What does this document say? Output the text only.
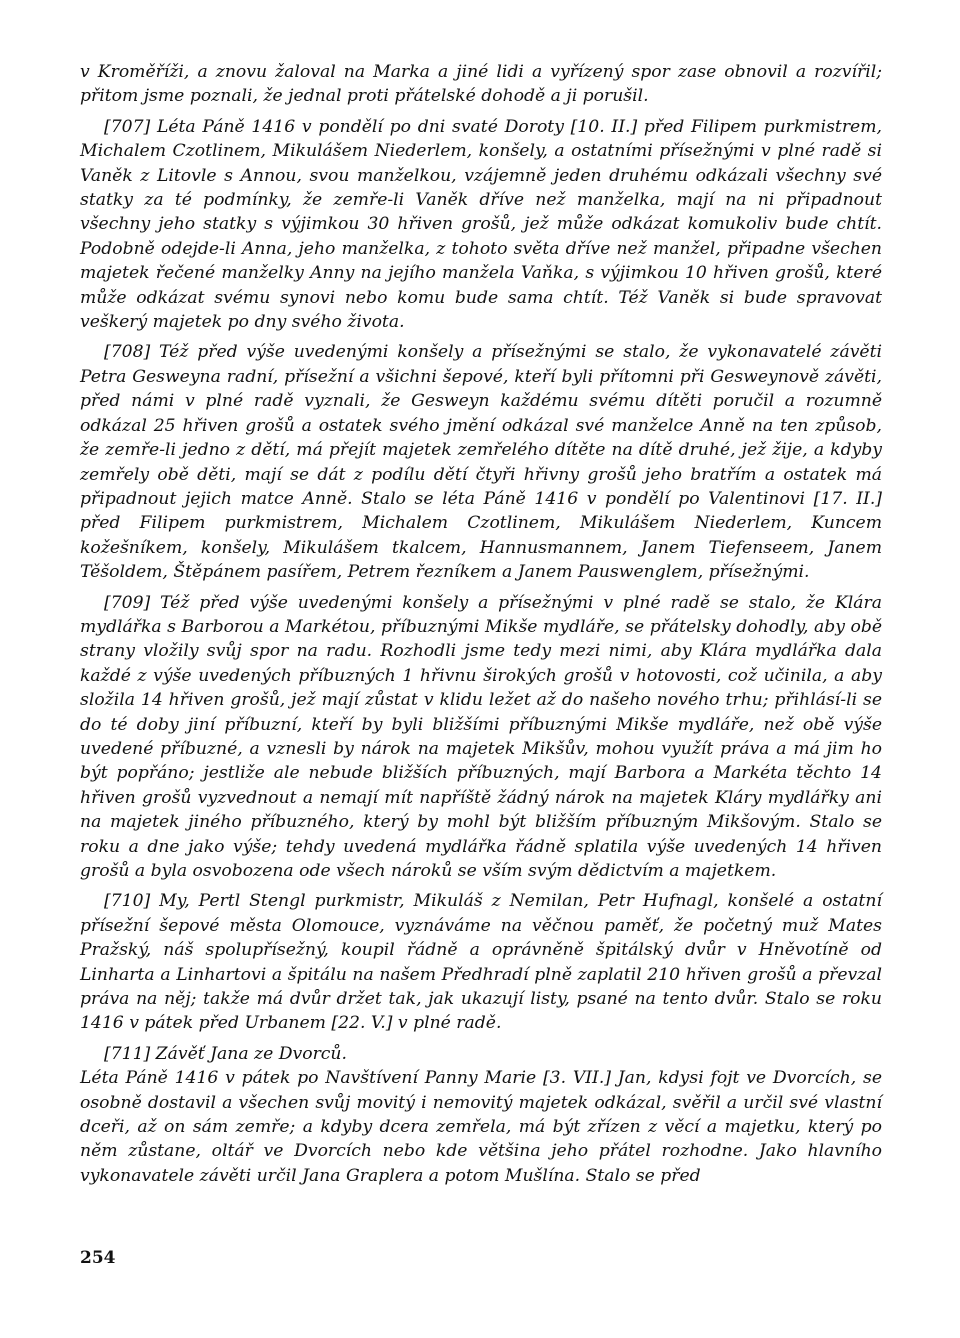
v Kroměříži, a znovu žaloval na Marka a jiné lidi a vyřízený spor zase obnovil a rozvířil; přitom jsme poznali, že jednal proti přátelské dohodě a ji porušil.

[707] Léta Páně 1416 v pondělí po dni svaté Doroty [10. II.] před Filipem purkmistrem, Michalem Czotlinem, Mikulášem Niederlem, konšely, a ostatními přísežnými v plné radě si Vaněk z Litovle s Annou, svou manželkou, vzájemně jeden druhému odkázali všechny své statky za té podmínky, že zemře-li Vaněk dříve než manželka, mají na ni připadnout všechny jeho statky s výjimkou 30 hřiven grošů, jež může odkázat komukoliv bude chtít. Podobně odejde-li Anna, jeho manželka, z tohoto světa dříve než manžel, připadne všechen majetek řečené manželky Anny na jejího manžela Vaňka, s výjimkou 10 hřiven grošů, které může odkázat svému synovi nebo komu bude sama chtít. Též Vaněk si bude spravovat veškerý majetek po dny svého života.

[708] Též před výše uvedenými konšely a přísežnými se stalo, že vykonavatelé závěti Petra Gesweyna radní, přísežní a všichni šepové, kteří byli přítomni při Gesweynově závěti, před námi v plné radě vyznali, že Gesweyn každému svému dítěti poručil a rozumně odkázal 25 hřiven grošů a ostatek svého jmění odkázal své manželce Anně na ten způsob, že zemře-li jedno z dětí, má přejít majetek zemřelého dítěte na dítě druhé, jež žije, a kdyby zemřely obě děti, mají se dát z podílu dětí čtyři hřivny grošů jeho bratřím a ostatek má připadnout jejich matce Anně. Stalo se léta Páně 1416 v pondělí po Valentinovi [17. II.] před Filipem purkmistrem, Michalem Czotlinem, Mikulášem Niederlem, Kuncem kožešníkem, konšely, Mikulášem tkalcem, Hannusmannem, Janem Tiefenseem, Janem Těšoldem, Štěpánem pasířem, Petrem řezníkem a Janem Pauswenglem, přísežnými.

[709] Též před výše uvedenými konšely a přísežnými v plné radě se stalo, že Klára mydlářka s Barborou a Markétou, příbuznými Mikše mydláře, se přátelsky dohodly, aby obě strany vložily svůj spor na radu. Rozhodli jsme tedy mezi nimi, aby Klára mydlářka dala každé z výše uvedených příbuzných 1 hřivnu širokých grošů v hotovosti, což učinila, a aby složila 14 hřiven grošů, jež mají zůstat v klidu ležet až do našeho nového trhu; přihlásí-li se do té doby jiní příbuzní, kteří by byli bližšími příbuznými Mikše mydláře, než obě výše uvedené příbuzné, a vznesli by nárok na majetek Mikšův, mohou využít práva a má jim ho být popřáno; jestliže ale nebude bližších příbuzných, mají Barbora a Markéta těchto 14 hřiven grošů vyzvednout a nemají mít napříště žádný nárok na majetek Kláry mydlářky ani na majetek jiného příbuzného, který by mohl být bližším příbuzným Mikšovým. Stalo se roku a dne jako výše; tehdy uvedená mydlářka řádně splatila výše uvedených 14 hřiven grošů a byla osvobozena ode všech nároků se vším svým dědictvím a majetkem.

[710] My, Pertl Stengl purkmistr, Mikuláš z Nemilan, Petr Hufnagl, konšelé a ostatní přísežní šepové města Olomouce, vyznáváme na věčnou paměť, že početný muž Mates Pražský, náš spolupřísežný, koupil řádně a oprávněně špitálský dvůr v Hněvotíně od Linharta a Linhartovi a špitálu na našem Předhradí plně zaplatil 210 hřiven grošů a převzal práva na něj; takže má dvůr držet tak, jak ukazují listy, psané na tento dvůr. Stalo se roku 1416 v pátek před Urbanem [22. V.] v plné radě.

[711] Závěť Jana ze Dvorců.

Léta Páně 1416 v pátek po Navštívení Panny Marie [3. VII.] Jan, kdysi fojt ve Dvorcích, se osobně dostavil a všechen svůj movitý i nemovitý majetek odkázal, svěřil a určil své vlastní dceři, až on sám zemře; a kdyby dcera zemřela, má být zřízen z věcí a majetku, který po něm zůstane, oltář ve Dvorcích nebo kde většina jeho přátel rozhodne. Jako hlavního vykonavatele závěti určil Jana Graplera a potom Mušlína. Stalo se před

254
